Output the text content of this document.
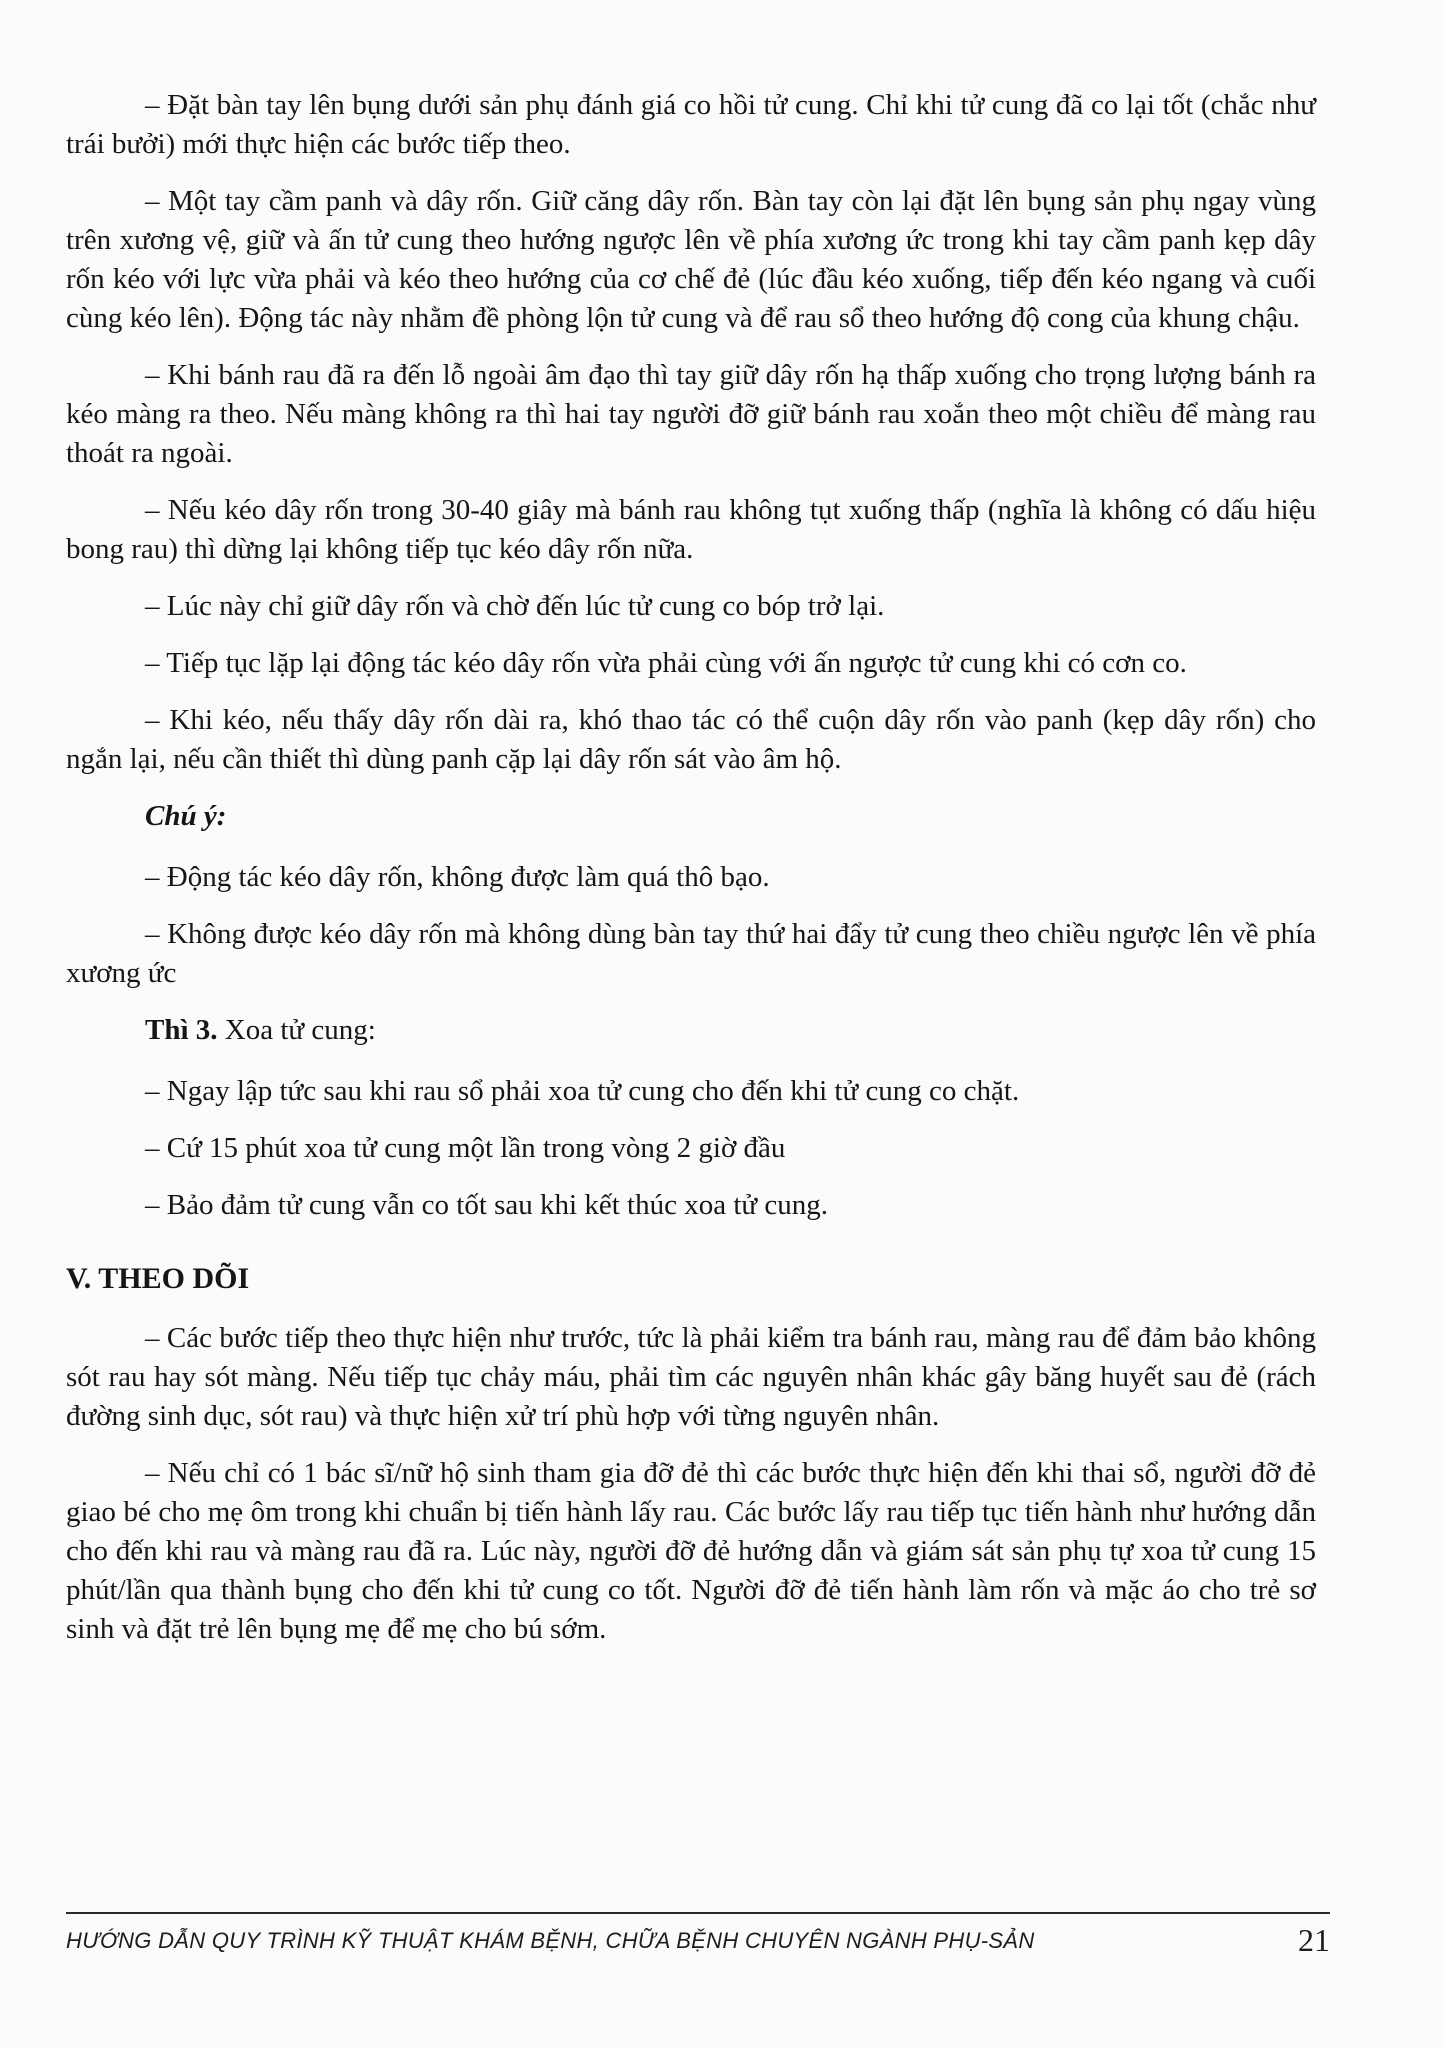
– Đặt bàn tay lên bụng dưới sản phụ đánh giá co hồi tử cung. Chỉ khi tử cung đã co lại tốt (chắc như trái bưởi) mới thực hiện các bước tiếp theo.

– Một tay cầm panh và dây rốn. Giữ căng dây rốn. Bàn tay còn lại đặt lên bụng sản phụ ngay vùng trên xương vệ, giữ và ấn tử cung theo hướng ngược lên về phía xương ức trong khi tay cầm panh kẹp dây rốn kéo với lực vừa phải và kéo theo hướng của cơ chế đẻ (lúc đầu kéo xuống, tiếp đến kéo ngang và cuối cùng kéo lên). Động tác này nhằm đề phòng lộn tử cung và để rau sổ theo hướng độ cong của khung chậu.

– Khi bánh rau đã ra đến lỗ ngoài âm đạo thì tay giữ dây rốn hạ thấp xuống cho trọng lượng bánh ra kéo màng ra theo. Nếu màng không ra thì hai tay người đỡ giữ bánh rau xoắn theo một chiều để màng rau thoát ra ngoài.

– Nếu kéo dây rốn trong 30-40 giây mà bánh rau không tụt xuống thấp (nghĩa là không có dấu hiệu bong rau) thì dừng lại không tiếp tục kéo dây rốn nữa.

– Lúc này chỉ giữ dây rốn và chờ đến lúc tử cung co bóp trở lại.

– Tiếp tục lặp lại động tác kéo dây rốn vừa phải cùng với ấn ngược tử cung khi có cơn co.

– Khi kéo, nếu thấy dây rốn dài ra, khó thao tác có thể cuộn dây rốn vào panh (kẹp dây rốn) cho ngắn lại, nếu cần thiết thì dùng panh cặp lại dây rốn sát vào âm hộ.

Chú ý:

– Động tác kéo dây rốn, không được làm quá thô bạo.

– Không được kéo dây rốn mà không dùng bàn tay thứ hai đẩy tử cung theo chiều ngược lên về phía xương ức

Thì 3. Xoa tử cung:

– Ngay lập tức sau khi rau sổ phải xoa tử cung cho đến khi tử cung co chặt.

– Cứ 15 phút xoa tử cung một lần trong vòng 2 giờ đầu

– Bảo đảm tử cung vẫn co tốt sau khi kết thúc xoa tử cung.

V. THEO DÕI

– Các bước tiếp theo thực hiện như trước, tức là phải kiểm tra bánh rau, màng rau để đảm bảo không sót rau hay sót màng. Nếu tiếp tục chảy máu, phải tìm các nguyên nhân khác gây băng huyết sau đẻ (rách đường sinh dục, sót rau) và thực hiện xử trí phù hợp với từng nguyên nhân.

– Nếu chỉ có 1 bác sĩ/nữ hộ sinh tham gia đỡ đẻ thì các bước thực hiện đến khi thai sổ, người đỡ đẻ giao bé cho mẹ ôm trong khi chuẩn bị tiến hành lấy rau. Các bước lấy rau tiếp tục tiến hành như hướng dẫn cho đến khi rau và màng rau đã ra. Lúc này, người đỡ đẻ hướng dẫn và giám sát sản phụ tự xoa tử cung 15 phút/lần qua thành bụng cho đến khi tử cung co tốt. Người đỡ đẻ tiến hành làm rốn và mặc áo cho trẻ sơ sinh và đặt trẻ lên bụng mẹ để mẹ cho bú sớm.

HƯỚNG DẪN QUY TRÌNH KỸ THUẬT KHÁM BỆNH, CHỮA BỆNH CHUYÊN NGÀNH PHỤ-SẢN	21
